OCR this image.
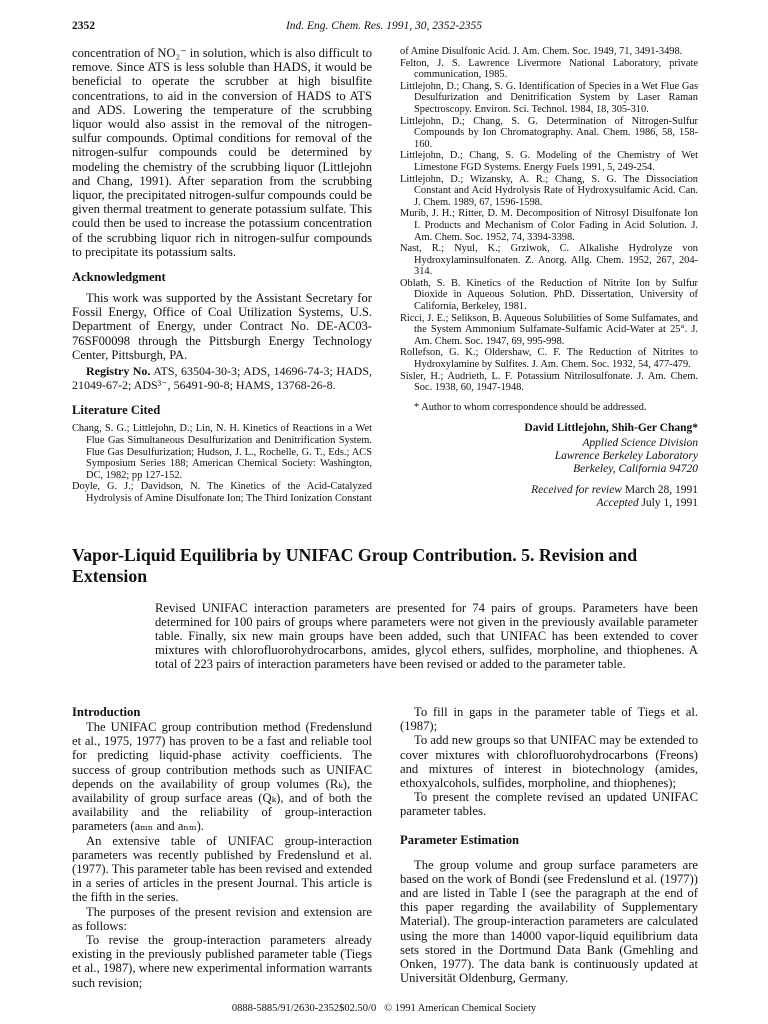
Ind. Eng. Chem. Res. 1991, 30, 2352-2355
2352

concentration of NO₂⁻ in solution, which is also difficult to remove. Since ATS is less soluble than HADS, it would be beneficial to operate the scrubber at high bisulfite concentrations, to aid in the conversion of HADS to ATS and ADS. Lowering the temperature of the scrubbing liquor would also assist in the removal of the nitrogen-sulfur compounds. Optimal conditions for removal of the nitrogen-sulfur compounds could be determined by modeling the chemistry of the scrubbing liquor (Littlejohn and Chang, 1991). After separation from the scrubbing liquor, the precipitated nitrogen-sulfur compounds could be given thermal treatment to generate potassium sulfate. This could then be used to increase the potassium concentration of the scrubbing liquor rich in nitrogen-sulfur compounds to precipitate its potassium salts.

Acknowledgment

This work was supported by the Assistant Secretary for Fossil Energy, Office of Coal Utilization Systems, U.S. Department of Energy, under Contract No. DE-AC03-76SF00098 through the Pittsburgh Energy Technology Center, Pittsburgh, PA.

Registry No. ATS, 63504-30-3; ADS, 14696-74-3; HADS, 21049-67-2; ADS³⁻, 56491-90-8; HAMS, 13768-26-8.

Literature Cited

Chang, S. G.; Littlejohn, D.; Lin, N. H. Kinetics of Reactions in a Wet Flue Gas Simultaneous Desulfurization and Denitrification System. Flue Gas Desulfurization; Hudson, J. L., Rochelle, G. T., Eds.; ACS Symposium Series 188; American Chemical Society: Washington, DC, 1982; pp 127-152.

Doyle, G. J.; Davidson, N. The Kinetics of the Acid-Catalyzed Hydrolysis of Amine Disulfonate Ion; The Third Ionization Constant

of Amine Disulfonic Acid. J. Am. Chem. Soc. 1949, 71, 3491-3498.

Felton, J. S. Lawrence Livermore National Laboratory, private communication, 1985.

Littlejohn, D.; Chang, S. G. Identification of Species in a Wet Flue Gas Desulfurization and Denitrification System by Laser Raman Spectroscopy. Environ. Sci. Technol. 1984, 18, 305-310.

Littlejohn, D.; Chang, S. G. Determination of Nitrogen-Sulfur Compounds by Ion Chromatography. Anal. Chem. 1986, 58, 158-160.

Littlejohn, D.; Chang, S. G. Modeling of the Chemistry of Wet Limestone FGD Systems. Energy Fuels 1991, 5, 249-254.

Littlejohn, D.; Wizansky, A. R.; Chang, S. G. The Dissociation Constant and Acid Hydrolysis Rate of Hydroxysulfamic Acid. Can. J. Chem. 1989, 67, 1596-1598.

Murib, J. H.; Ritter, D. M. Decomposition of Nitrosyl Disulfonate Ion I. Products and Mechanism of Color Fading in Acid Solution. J. Am. Chem. Soc. 1952, 74, 3394-3398.

Nast, R.; Nyul, K.; Grziwok, C. Alkalishe Hydrolyze von Hydroxylaminsulfonaten. Z. Anorg. Allg. Chem. 1952, 267, 204-314.

Oblath, S. B. Kinetics of the Reduction of Nitrite Ion by Sulfur Dioxide in Aqueous Solution. PhD. Dissertation, University of California, Berkeley, 1981.

Ricci, J. E.; Selikson, B. Aqueous Solubilities of Some Sulfamates, and the System Ammonium Sulfamate-Sulfamic Acid-Water at 25°. J. Am. Chem. Soc. 1947, 69, 995-998.

Rollefson, G. K.; Oldershaw, C. F. The Reduction of Nitrites to Hydroxylamine by Sulfites. J. Am. Chem. Soc. 1932, 54, 477-479.

Sisler, H.; Audrieth, L. F. Potassium Nitrilosulfonate. J. Am. Chem. Soc. 1938, 60, 1947-1948.

* Author to whom correspondence should be addressed.

David Littlejohn, Shih-Ger Chang*
Applied Science Division
Lawrence Berkeley Laboratory
Berkeley, California 94720
Received for review March 28, 1991
Accepted July 1, 1991
Vapor-Liquid Equilibria by UNIFAC Group Contribution. 5. Revision and Extension
Revised UNIFAC interaction parameters are presented for 74 pairs of groups. Parameters have been determined for 100 pairs of groups where parameters were not given in the previously available parameter table. Finally, six new main groups have been added, such that UNIFAC has been extended to cover mixtures with chlorofluorohydrocarbons, amides, glycol ethers, sulfides, morpholine, and thiophenes. A total of 223 pairs of interaction parameters have been revised or added to the parameter table.

Introduction

The UNIFAC group contribution method (Fredenslund et al., 1975, 1977) has proven to be a fast and reliable tool for predicting liquid-phase activity coefficients. The success of group contribution methods such as UNIFAC depends on the availability of group volumes (Rₖ), the availability of group surface areas (Qₖ), and of both the availability and the reliability of group-interaction parameters (aₘₙ and aₙₘ).

An extensive table of UNIFAC group-interaction parameters was recently published by Fredenslund et al. (1977). This parameter table has been revised and extended in a series of articles in the present Journal. This article is the fifth in the series.

The purposes of the present revision and extension are as follows:

To revise the group-interaction parameters already existing in the previously published parameter table (Tiegs et al., 1987), where new experimental information warrants such revision;

To fill in gaps in the parameter table of Tiegs et al. (1987);

To add new groups so that UNIFAC may be extended to cover mixtures with chlorofluorohydrocarbons (Freons) and mixtures of interest in biotechnology (amides, ethoxyalcohols, sulfides, morpholine, and thiophenes);

To present the complete revised an updated UNIFAC parameter tables.

Parameter Estimation

The group volume and group surface parameters are based on the work of Bondi (see Fredenslund et al. (1977)) and are listed in Table I (see the paragraph at the end of this paper regarding the availability of Supplementary Material). The group-interaction parameters are calculated using the more than 14000 vapor-liquid equilibrium data sets stored in the Dortmund Data Bank (Gmehling and Onken, 1977). The data bank is continuously updated at Universität Oldenburg, Germany.

0888-5885/91/2630-2352$02.50/0 © 1991 American Chemical Society
